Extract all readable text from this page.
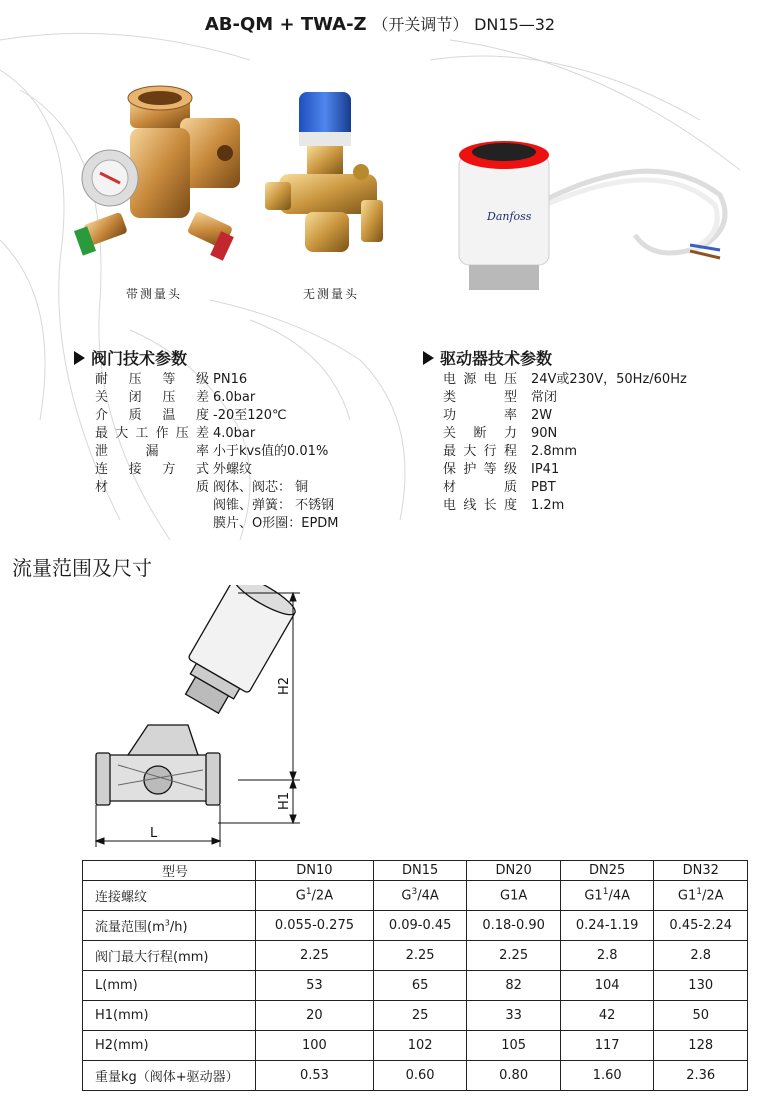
AB-QM + TWA-Z （开关调节） DN15—32
带测量头	无测量头
Danfoss
阀门技术参数
耐压等级 PN16
关闭压差 6.0bar
介质温度 -20至120℃
最大工作压差 4.0bar
泄漏率 小于kvs值的0.01%
连接方式 外螺纹
材质 阀体、阀芯： 铜
阀锥、弹簧： 不锈钢
膜片、O形圈：EPDM
驱动器技术参数
电源电压	24V或230V，50Hz/60Hz
类型	常闭
功率	2W
关断力	90N
最大行程	2.8mm
保护等级	IP41
材质	PBT
电线长度	1.2m
流量范围及尺寸
H2
H1
L
型号	DN10	DN15	DN20	DN25	DN32
连接螺纹	$G^1/2A$	$G^3/4A$	G1A	$G1^1/4A$	$G1^1/2A$
流量范围$(m^3/h)$	0.055-0.275	0.09-0.45	0.18-0.90	0.24-1.19	0.45-2.24
阀门最大行程(mm)	2.25	2.25	2.25	2.8	2.8
L(mm)	53	65	82	104	130
H1(mm)	20	25	33	42	50
H2(mm)	100	102	105	117	128
重量kg（阀体+驱动器）	0.53	0.60	0.80	1.60	2.36
